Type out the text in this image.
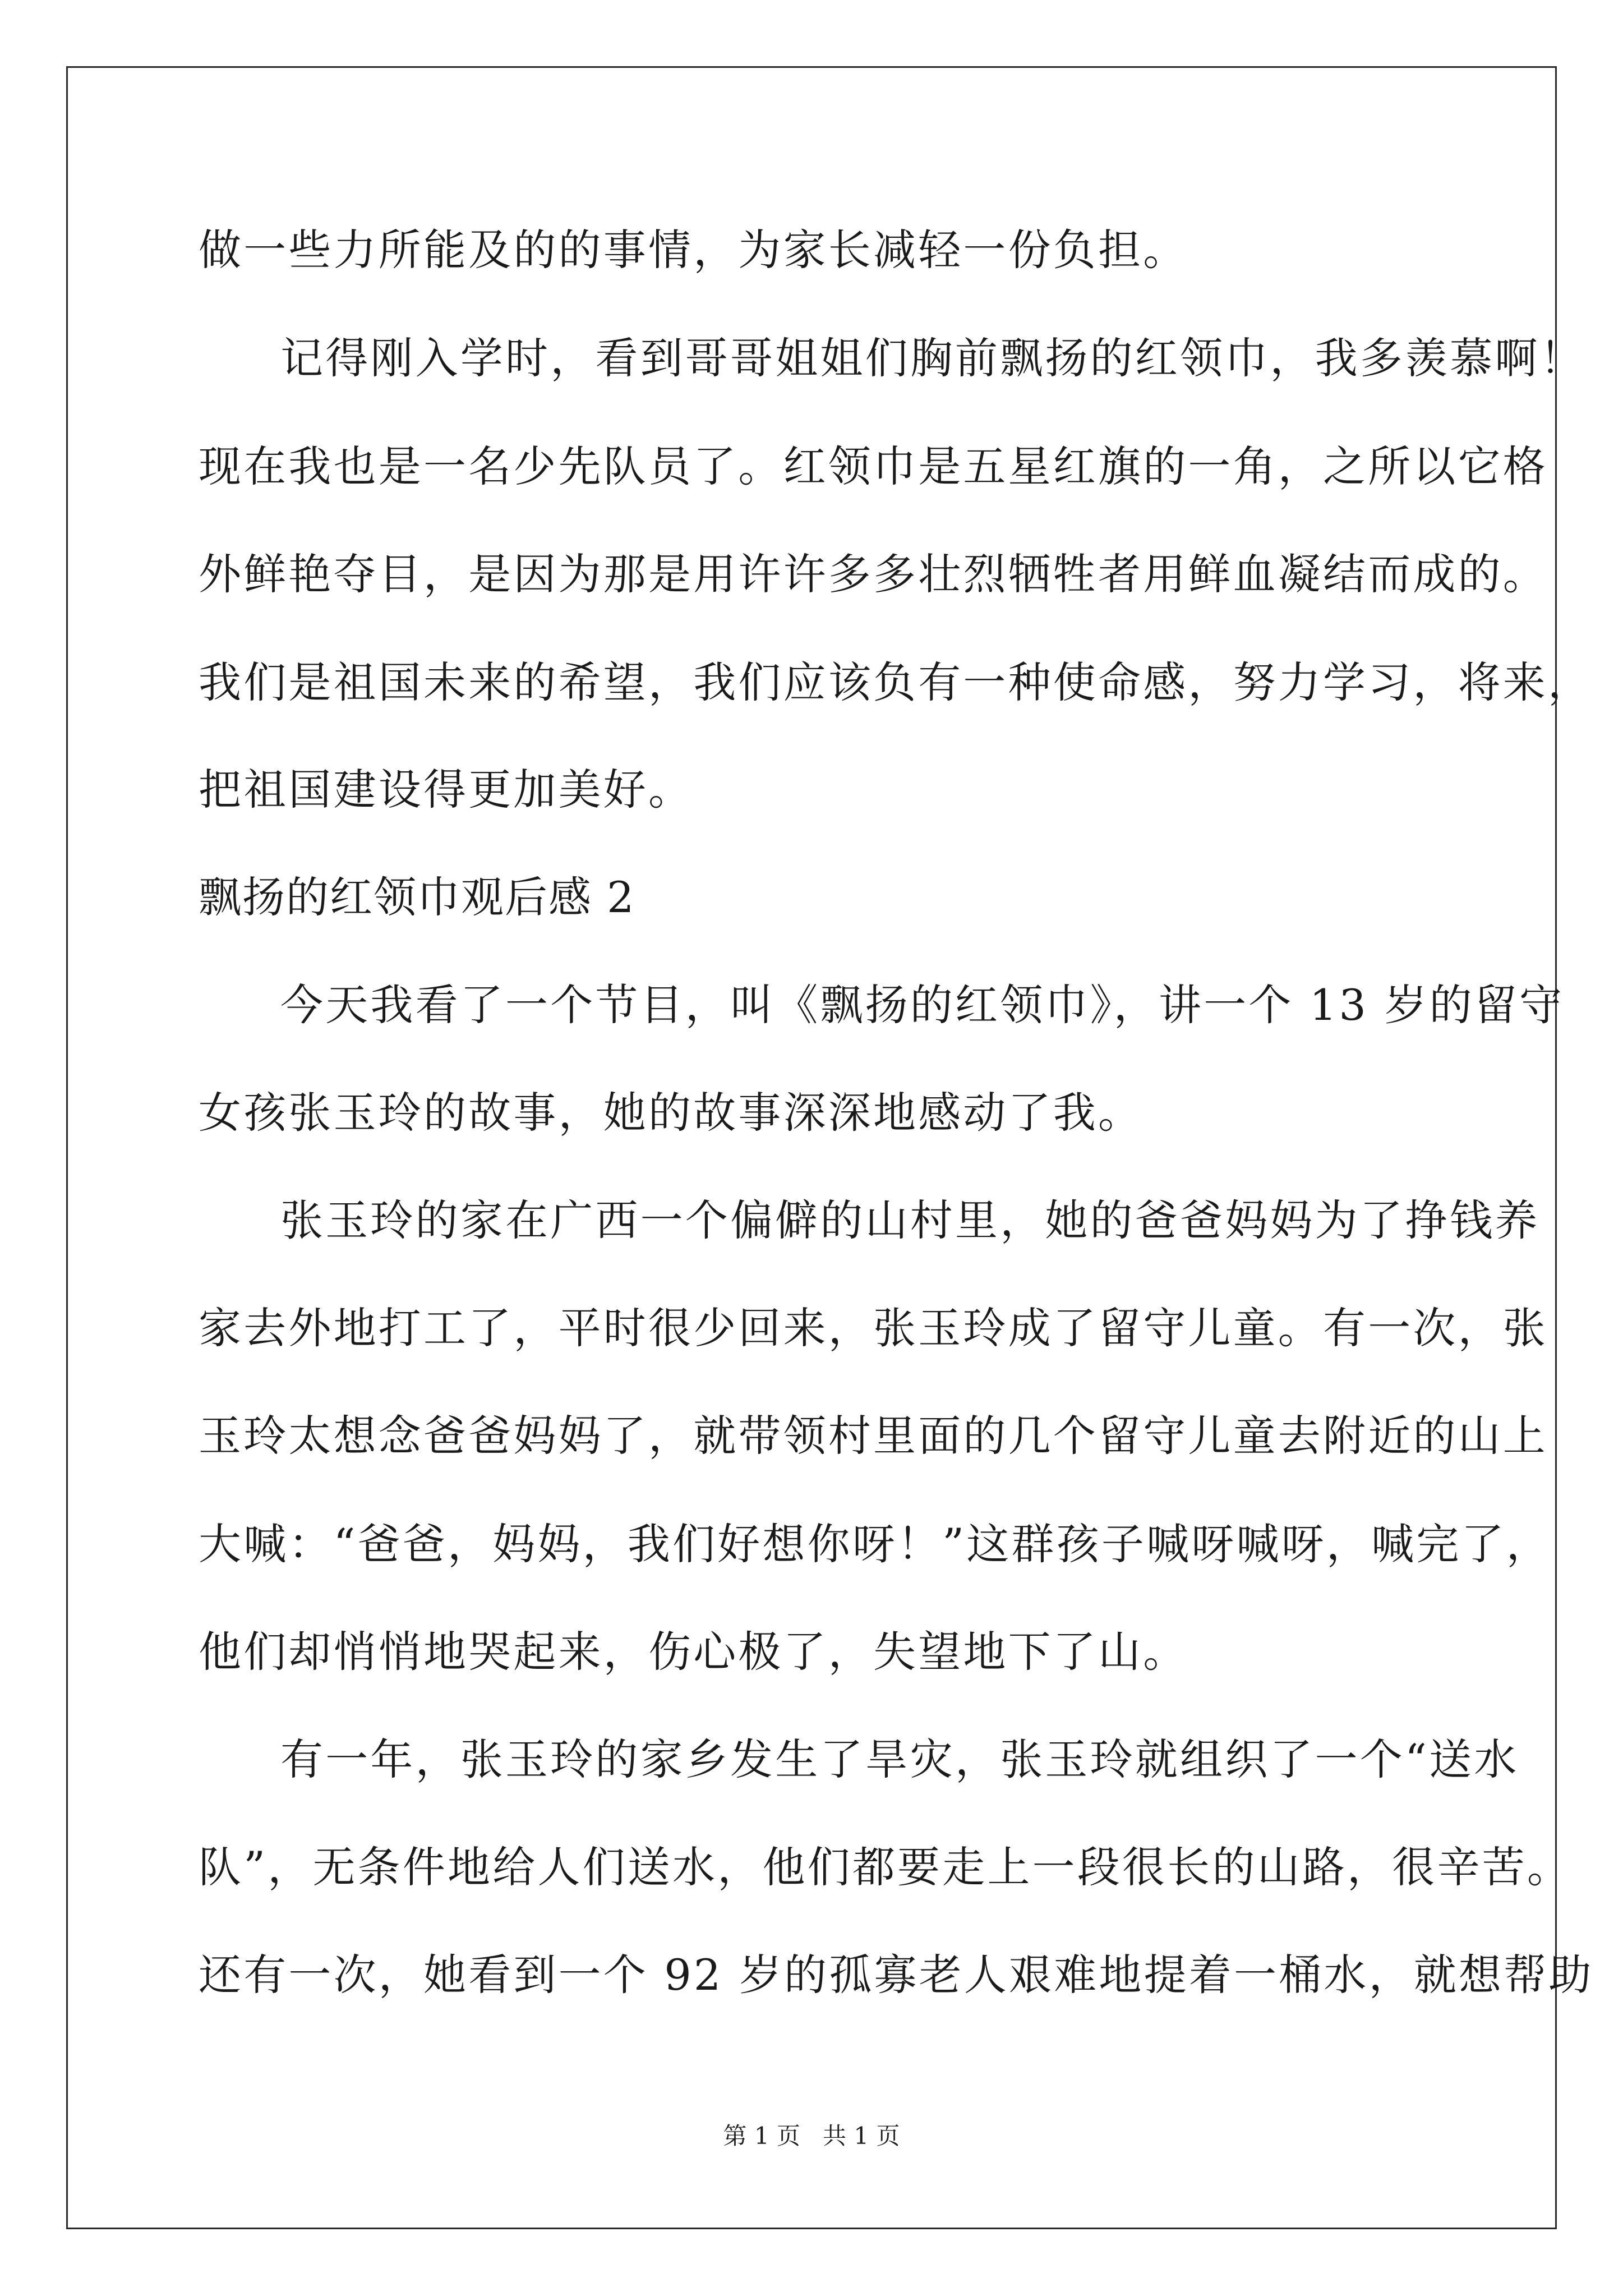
做一些力所能及的的事情，为家长减轻一份负担。
记得刚入学时，看到哥哥姐姐们胸前飘扬的红领巾，我多羡慕啊！
现在我也是一名少先队员了。红领巾是五星红旗的一角，之所以它格
外鲜艳夺目，是因为那是用许许多多壮烈牺牲者用鲜血凝结而成的。
我们是祖国未来的希望，我们应该负有一种使命感，努力学习，将来，
把祖国建设得更加美好。
飘扬的红领巾观后感 2
今天我看了一个节目，叫《飘扬的红领巾》，讲一个 13 岁的留守
女孩张玉玲的故事，她的故事深深地感动了我。
张玉玲的家在广西一个偏僻的山村里，她的爸爸妈妈为了挣钱养
家去外地打工了，平时很少回来，张玉玲成了留守儿童。有一次，张
玉玲太想念爸爸妈妈了，就带领村里面的几个留守儿童去附近的山上
大喊：“爸爸，妈妈，我们好想你呀！”这群孩子喊呀喊呀，喊完了，
他们却悄悄地哭起来，伤心极了，失望地下了山。
有一年，张玉玲的家乡发生了旱灾，张玉玲就组织了一个“送水
队”，无条件地给人们送水，他们都要走上一段很长的山路，很辛苦。
还有一次，她看到一个 92 岁的孤寡老人艰难地提着一桶水，就想帮助
第 1 页   共 1 页
